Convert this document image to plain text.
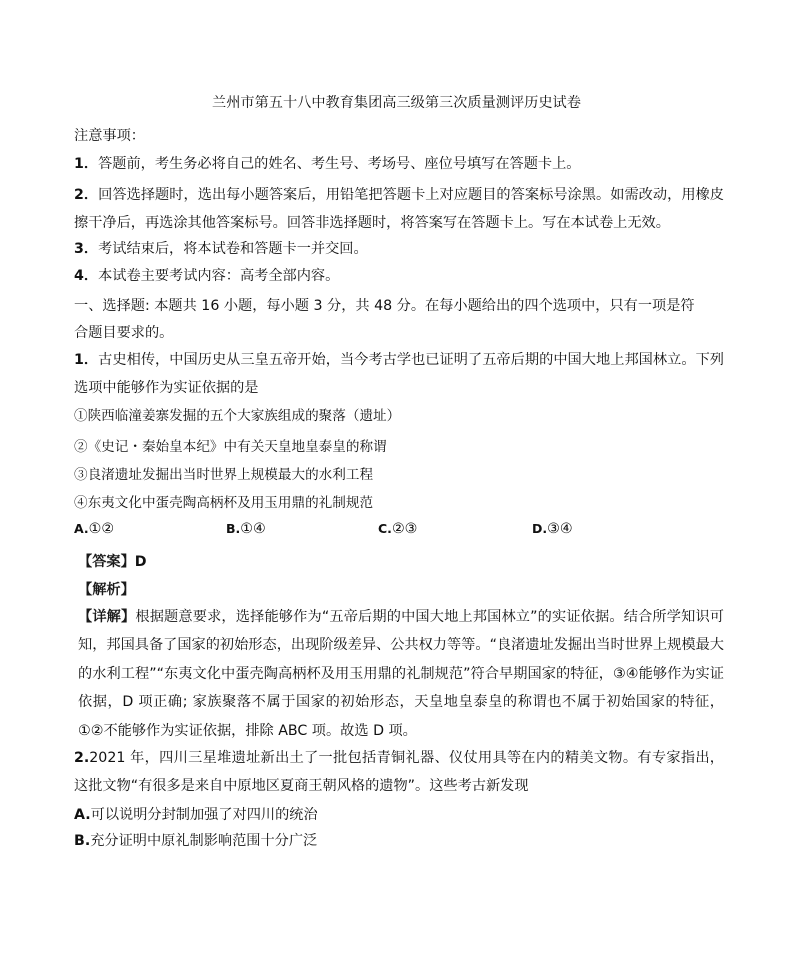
兰州市第五十八中教育集团高三级第三次质量测评历史试卷
注意事项：
1．答题前，考生务必将自己的姓名、考生号、考场号、座位号填写在答题卡上。
2．回答选择题时，选出每小题答案后，用铅笔把答题卡上对应题目的答案标号涂黑。如需改动，用橡皮擦干净后，再选涂其他答案标号。回答非选择题时，将答案写在答题卡上。写在本试卷上无效。
3．考试结束后，将本试卷和答题卡一并交回。
4．本试卷主要考试内容：高考全部内容。
一、选择题: 本题共 16 小题，每小题 3 分，共 48 分。在每小题给出的四个选项中，只有一项是符
合题目要求的。
1．古史相传，中国历史从三皇五帝开始，当今考古学也已证明了五帝后期的中国大地上邦国林立。下列选项中能够作为实证依据的是
①陕西临潼姜寨发掘的五个大家族组成的聚落（遗址）
②《史记・秦始皇本纪》中有关天皇地皇泰皇的称谓
③良渚遗址发掘出当时世界上规模最大的水利工程
④东夷文化中蛋壳陶高柄杯及用玉用鼎的礼制规范
A.①②	B.①④	C.②③	D.③④
【答案】D
【解析】
【详解】根据题意要求，选择能够作为“五帝后期的中国大地上邦国林立”的实证依据。结合所学知识可知，邦国具备了国家的初始形态，出现阶级差异、公共权力等等。“良渚遗址发掘出当时世界上规模最大的水利工程”“东夷文化中蛋壳陶高柄杯及用玉用鼎的礼制规范”符合早期国家的特征，③④能够作为实证依据，D 项正确; 家族聚落不属于国家的初始形态，天皇地皇泰皇的称谓也不属于初始国家的特征，①②不能够作为实证依据，排除 ABC 项。故选 D 项。
2.2021 年，四川三星堆遗址新出土了一批包括青铜礼器、仪仗用具等在内的精美文物。有专家指出，这批文物“有很多是来自中原地区夏商王朝风格的遗物”。这些考古新发现
A.可以说明分封制加强了对四川的统治
B.充分证明中原礼制影响范围十分广泛
